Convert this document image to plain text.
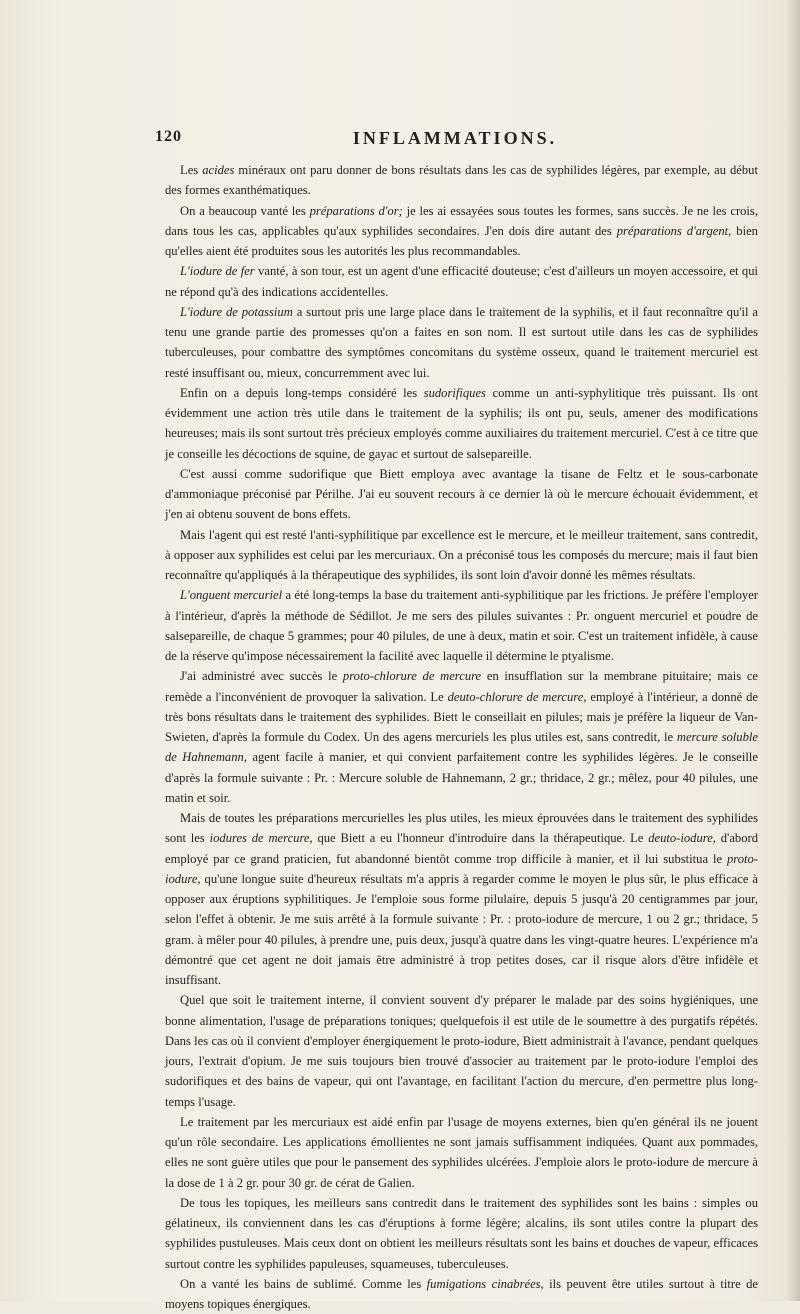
120	INFLAMMATIONS.

Les acides minéraux ont paru donner de bons résultats dans les cas de syphilides légères, par exemple, au début des formes exanthématiques.

On a beaucoup vanté les préparations d'or; je les ai essayées sous toutes les formes, sans succès. Je ne les crois, dans tous les cas, applicables qu'aux syphilides secondaires. J'en dois dire autant des préparations d'argent, bien qu'elles aient été produites sous les autorités les plus recommandables.

L'iodure de fer vanté, à son tour, est un agent d'une efficacité douteuse; c'est d'ailleurs un moyen accessoire, et qui ne répond qu'à des indications accidentelles.

L'iodure de potassium a surtout pris une large place dans le traitement de la syphilis, et il faut reconnaître qu'il a tenu une grande partie des promesses qu'on a faites en son nom. Il est surtout utile dans les cas de syphilides tuberculeuses, pour combattre des symptômes concomitans du système osseux, quand le traitement mercuriel est resté insuffisant ou, mieux, concurremment avec lui.

Enfin on a depuis long-temps considéré les sudorifiques comme un anti-syphylitique très puissant. Ils ont évidemment une action très utile dans le traitement de la syphilis; ils ont pu, seuls, amener des modifications heureuses; mais ils sont surtout très précieux employés comme auxiliaires du traitement mercuriel. C'est à ce titre que je conseille les décoctions de squine, de gayac et surtout de salsepareille.

C'est aussi comme sudorifique que Biett employa avec avantage la tisane de Feltz et le sous-carbonate d'ammoniaque préconisé par Périlhe. J'ai eu souvent recours à ce dernier là où le mercure échouait évidemment, et j'en ai obtenu souvent de bons effets.

Mais l'agent qui est resté l'anti-syphilitique par excellence est le mercure, et le meilleur traitement, sans contredit, à opposer aux syphilides est celui par les mercuriaux. On a préconisé tous les composés du mercure; mais il faut bien reconnaître qu'appliqués à la thérapeutique des syphilides, ils sont loin d'avoir donné les mêmes résultats.

L'onguent mercuriel a été long-temps la base du traitement anti-syphilitique par les frictions. Je préfère l'employer à l'intérieur, d'après la méthode de Sédillot. Je me sers des pilules suivantes : Pr. onguent mercuriel et poudre de salsepareille, de chaque 5 grammes; pour 40 pilules, de une à deux, matin et soir. C'est un traitement infidèle, à cause de la réserve qu'impose nécessairement la facilité avec laquelle il détermine le ptyalisme.

J'ai administré avec succès le proto-chlorure de mercure en insufflation sur la membrane pituitaire; mais ce remède a l'inconvénient de provoquer la salivation. Le deuto-chlorure de mercure, employé à l'intérieur, a donné de très bons résultats dans le traitement des syphilides. Biett le conseillait en pilules; mais je préfère la liqueur de Van-Swieten, d'après la formule du Codex. Un des agens mercuriels les plus utiles est, sans contredit, le mercure soluble de Hahnemann, agent facile à manier, et qui convient parfaitement contre les syphilides légères. Je le conseille d'après la formule suivante : Pr. : Mercure soluble de Hahnemann, 2 gr.; thridace, 2 gr.; mêlez, pour 40 pilules, une matin et soir.

Mais de toutes les préparations mercurielles les plus utiles, les mieux éprouvées dans le traitement des syphilides sont les iodures de mercure, que Biett a eu l'honneur d'introduire dans la thérapeutique. Le deuto-iodure, d'abord employé par ce grand praticien, fut abandonné bientôt comme trop difficile à manier, et il lui substitua le proto-iodure, qu'une longue suite d'heureux résultats m'a appris à regarder comme le moyen le plus sûr, le plus efficace à opposer aux éruptions syphilitiques. Je l'emploie sous forme pilulaire, depuis 5 jusqu'à 20 centigrammes par jour, selon l'effet à obtenir. Je me suis arrêté à la formule suivante : Pr. : proto-iodure de mercure, 1 ou 2 gr.; thridace, 5 gram. à mêler pour 40 pilules, à prendre une, puis deux, jusqu'à quatre dans les vingt-quatre heures. L'expérience m'a démontré que cet agent ne doit jamais être administré à trop petites doses, car il risque alors d'être infidèle et insuffisant.

Quel que soit le traitement interne, il convient souvent d'y préparer le malade par des soins hygiéniques, une bonne alimentation, l'usage de préparations toniques; quelquefois il est utile de le soumettre à des purgatifs répétés. Dans les cas où il convient d'employer énergiquement le proto-iodure, Biett administrait à l'avance, pendant quelques jours, l'extrait d'opium. Je me suis toujours bien trouvé d'associer au traitement par le proto-iodure l'emploi des sudorifiques et des bains de vapeur, qui ont l'avantage, en facilitant l'action du mercure, d'en permettre plus long-temps l'usage.

Le traitement par les mercuriaux est aidé enfin par l'usage de moyens externes, bien qu'en général ils ne jouent qu'un rôle secondaire. Les applications émollientes ne sont jamais suffisamment indiquées. Quant aux pommades, elles ne sont guère utiles que pour le pansement des syphilides ulcérées. J'emploie alors le proto-iodure de mercure à la dose de 1 à 2 gr. pour 30 gr. de cérat de Galien.

De tous les topiques, les meilleurs sans contredit dans le traitement des syphilides sont les bains : simples ou gélatineux, ils conviennent dans les cas d'éruptions à forme légère; alcalins, ils sont utiles contre la plupart des syphilides pustuleuses. Mais ceux dont on obtient les meilleurs résultats sont les bains et douches de vapeur, efficaces surtout contre les syphilides papuleuses, squameuses, tuberculeuses.

On a vanté les bains de sublimé. Comme les fumigations cinabrées, ils peuvent être utiles surtout à titre de moyens topiques énergiques.
